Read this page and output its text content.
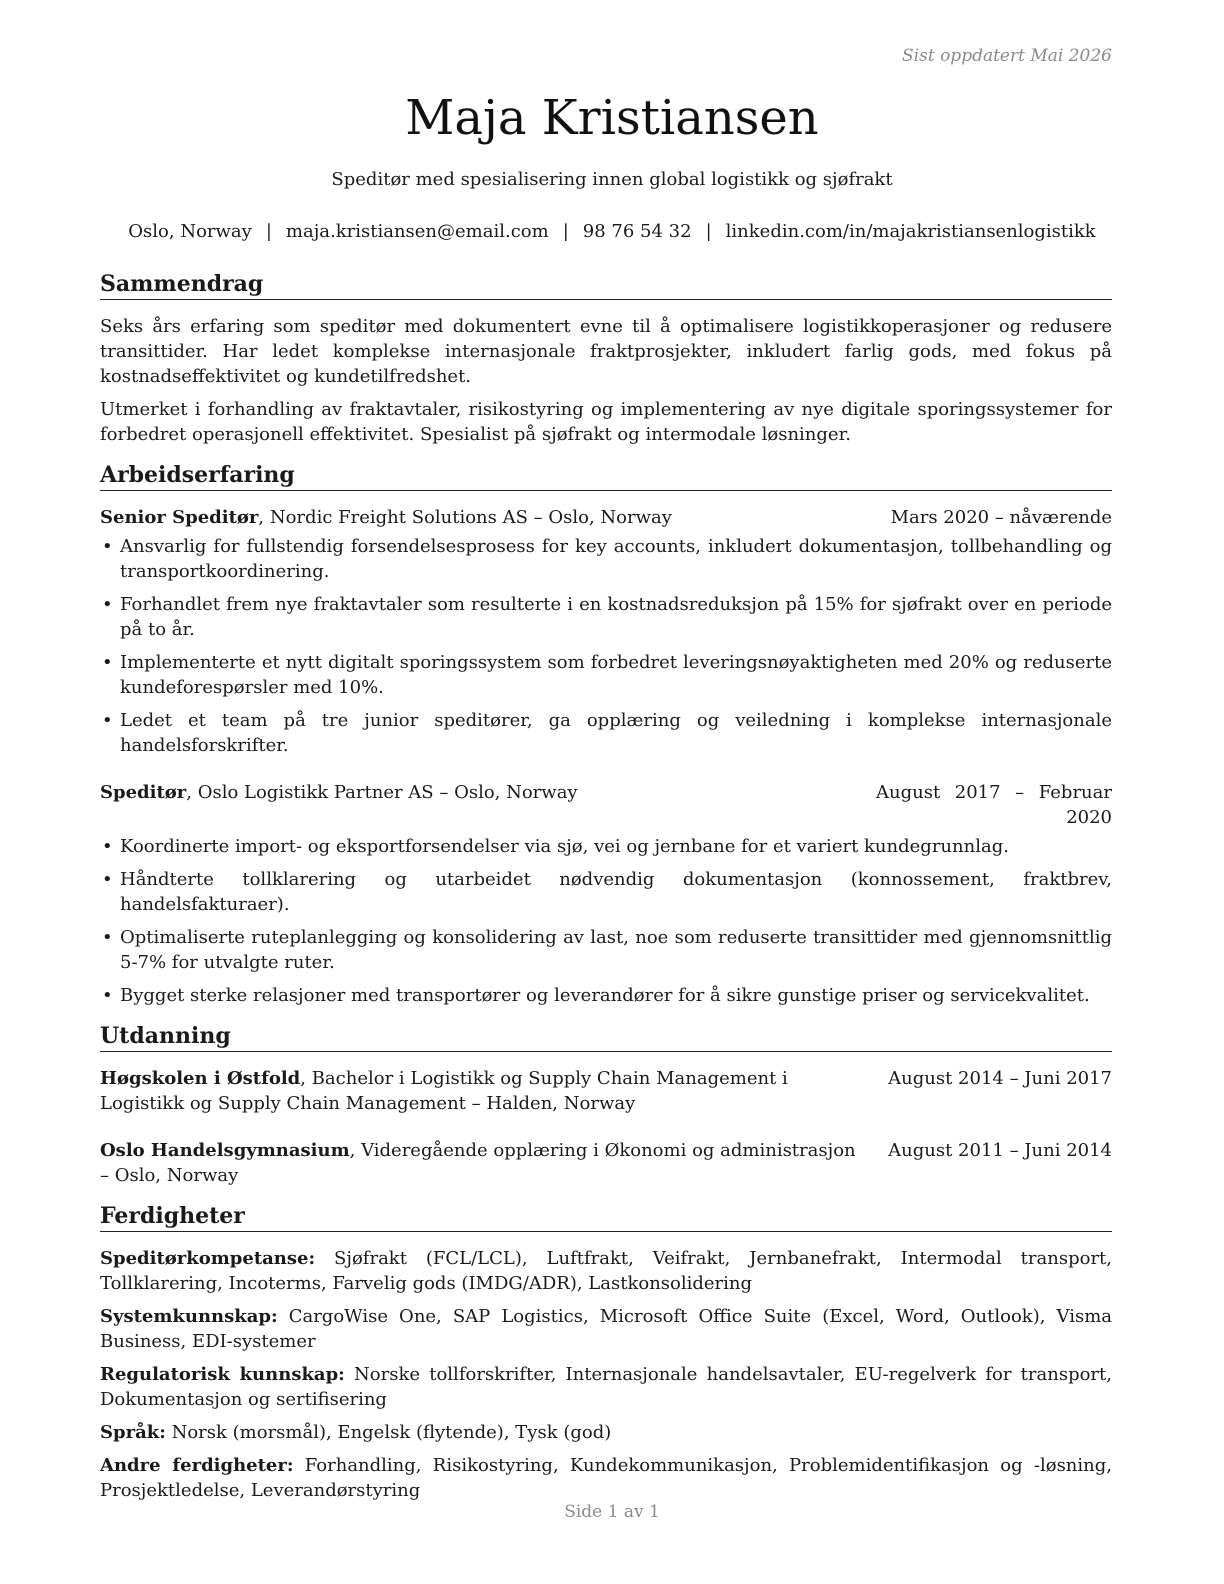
Sist oppdatert Mai 2026
Maja Kristiansen
Speditør med spesialisering innen global logistikk og sjøfrakt
Oslo, Norway | maja.kristiansen@email.com | 98 76 54 32 | linkedin.com/in/majakristiansenlogistikk
Sammendrag

Seks års erfaring som speditør med dokumentert evne til å optimalisere logistikkoperasjoner og redusere transittider. Har ledet komplekse internasjonale fraktprosjekter, inkludert farlig gods, med fokus på kostnadseffektivitet og kundetilfredshet.

Utmerket i forhandling av fraktavtaler, risikostyring og implementering av nye digitale sporingssystemer for forbedret operasjonell effektivitet. Spesialist på sjøfrakt og intermodale løsninger.

Arbeidserfaring
Senior Speditør, Nordic Freight Solutions AS – Oslo, Norway	Mars 2020 – nåværende
• Ansvarlig for fullstendig forsendelsesprosess for key accounts, inkludert dokumentasjon, tollbehandling og transportkoordinering.
• Forhandlet frem nye fraktavtaler som resulterte i en kostnadsreduksjon på 15% for sjøfrakt over en periode på to år.
• Implementerte et nytt digitalt sporingssystem som forbedret leveringsnøyaktigheten med 20% og reduserte kundeforespørsler med 10%.
• Ledet et team på tre junior speditører, ga opplæring og veiledning i komplekse internasjonale handelsforskrifter.
Speditør, Oslo Logistikk Partner AS – Oslo, Norway	August 2017 – Februar
2020
• Koordinerte import- og eksportforsendelser via sjø, vei og jernbane for et variert kundegrunnlag.
• Håndterte tollklarering og utarbeidet nødvendig dokumentasjon (konnossement, fraktbrev, handelsfakturaer).
• Optimaliserte ruteplanlegging og konsolidering av last, noe som reduserte transittider med gjennomsnittlig 5-7% for utvalgte ruter.
• Bygget sterke relasjoner med transportører og leverandører for å sikre gunstige priser og servicekvalitet.
Utdanning
Høgskolen i Østfold, Bachelor i Logistikk og Supply Chain Management i Logistikk og Supply Chain Management – Halden, Norway
August 2014 – Juni 2017
Oslo Handelsgymnasium, Videregående opplæring i Økonomi og administrasjon – Oslo, Norway
August 2011 – Juni 2014
Ferdigheter
Speditørkompetanse: Sjøfrakt (FCL/LCL), Luftfrakt, Veifrakt, Jernbanefrakt, Intermodal transport, Tollklarering, Incoterms, Farvelig gods (IMDG/ADR), Lastkonsolidering
Systemkunnskap: CargoWise One, SAP Logistics, Microsoft Office Suite (Excel, Word, Outlook), Visma Business, EDI-systemer
Regulatorisk kunnskap: Norske tollforskrifter, Internasjonale handelsavtaler, EU-regelverk for transport, Dokumentasjon og sertifisering
Språk: Norsk (morsmål), Engelsk (flytende), Tysk (god)
Andre ferdigheter: Forhandling, Risikostyring, Kundekommunikasjon, Problemidentifikasjon og -løsning, Prosjektledelse, Leverandørstyring
Side 1 av 1
